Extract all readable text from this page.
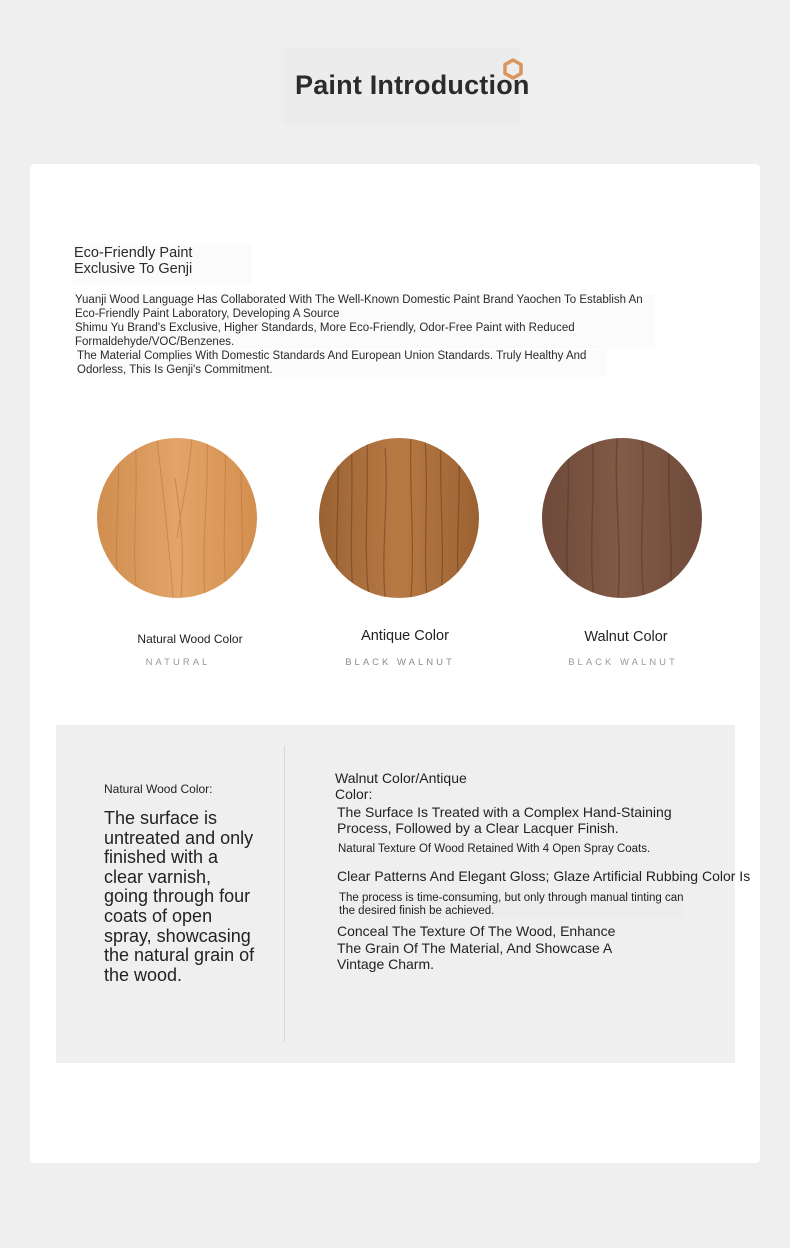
Paint Introduction
Eco-Friendly Paint Exclusive To Genji

Yuanji Wood Language Has Collaborated With The Well-Known Domestic Paint Brand Yaochen To Establish An Eco-Friendly Paint Laboratory, Developing A Source

Shimu Yu Brand's Exclusive, Higher Standards, More Eco-Friendly, Odor-Free Paint with Reduced Formaldehyde/VOC/Benzenes.

The Material Complies With Domestic Standards And European Union Standards. Truly Healthy And Odorless, This Is Genji's Commitment.

Natural Wood Color	Antique Color	Walnut Color
NATURAL	BLACK WALNUT	BLACK WALNUT
Natural Wood Color:
The surface is untreated and only finished with a clear varnish, going through four coats of open spray, showcasing the natural grain of the wood.
Walnut Color/Antique Color:
The Surface Is Treated with a Complex Hand-Staining Process, Followed by a Clear Lacquer Finish.
Natural Texture Of Wood Retained With 4 Open Spray Coats.
Clear Patterns And Elegant Gloss; Glaze Artificial Rubbing Color Is
The process is time-consuming, but only through manual tinting can the desired finish be achieved.
Conceal The Texture Of The Wood, Enhance The Grain Of The Material, And Showcase A Vintage Charm.
